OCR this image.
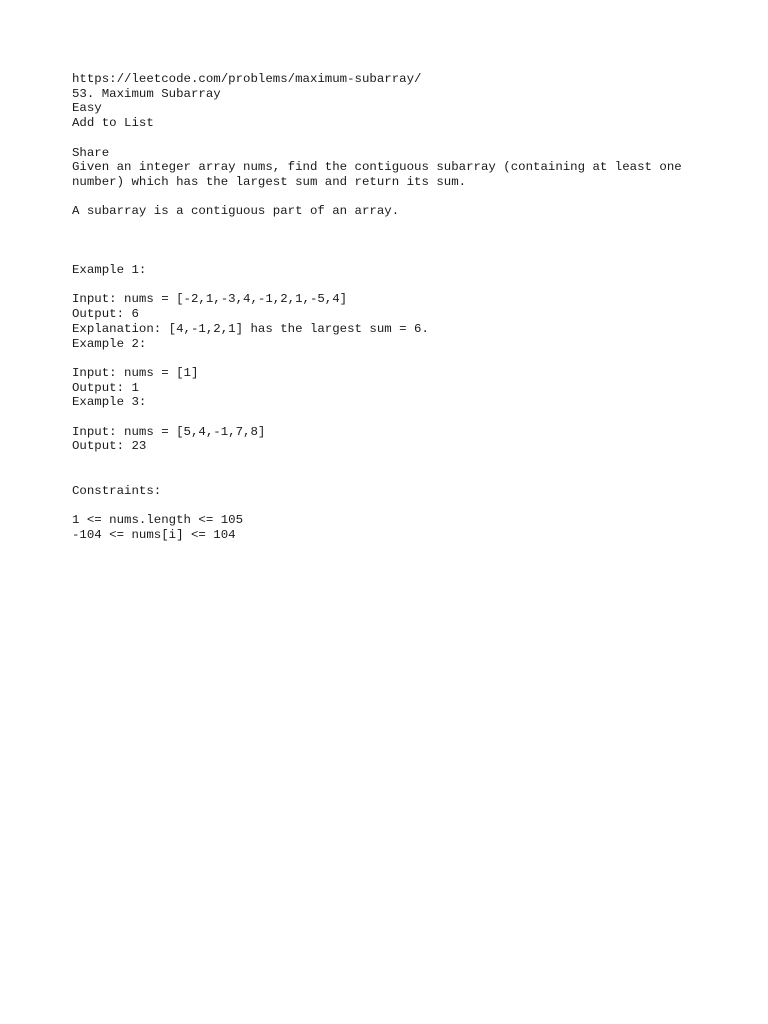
https://leetcode.com/problems/maximum-subarray/
53. Maximum Subarray
Easy
Add to List
Share
Given an integer array nums, find the contiguous subarray (containing at least one number) which has the largest sum and return its sum.
A subarray is a contiguous part of an array.
Example 1:
Input: nums = [-2,1,-3,4,-1,2,1,-5,4]
Output: 6
Explanation: [4,-1,2,1] has the largest sum = 6.
Example 2:
Input: nums = [1]
Output: 1
Example 3:
Input: nums = [5,4,-1,7,8]
Output: 23
Constraints:
1 <= nums.length <= 105
-104 <= nums[i] <= 104
